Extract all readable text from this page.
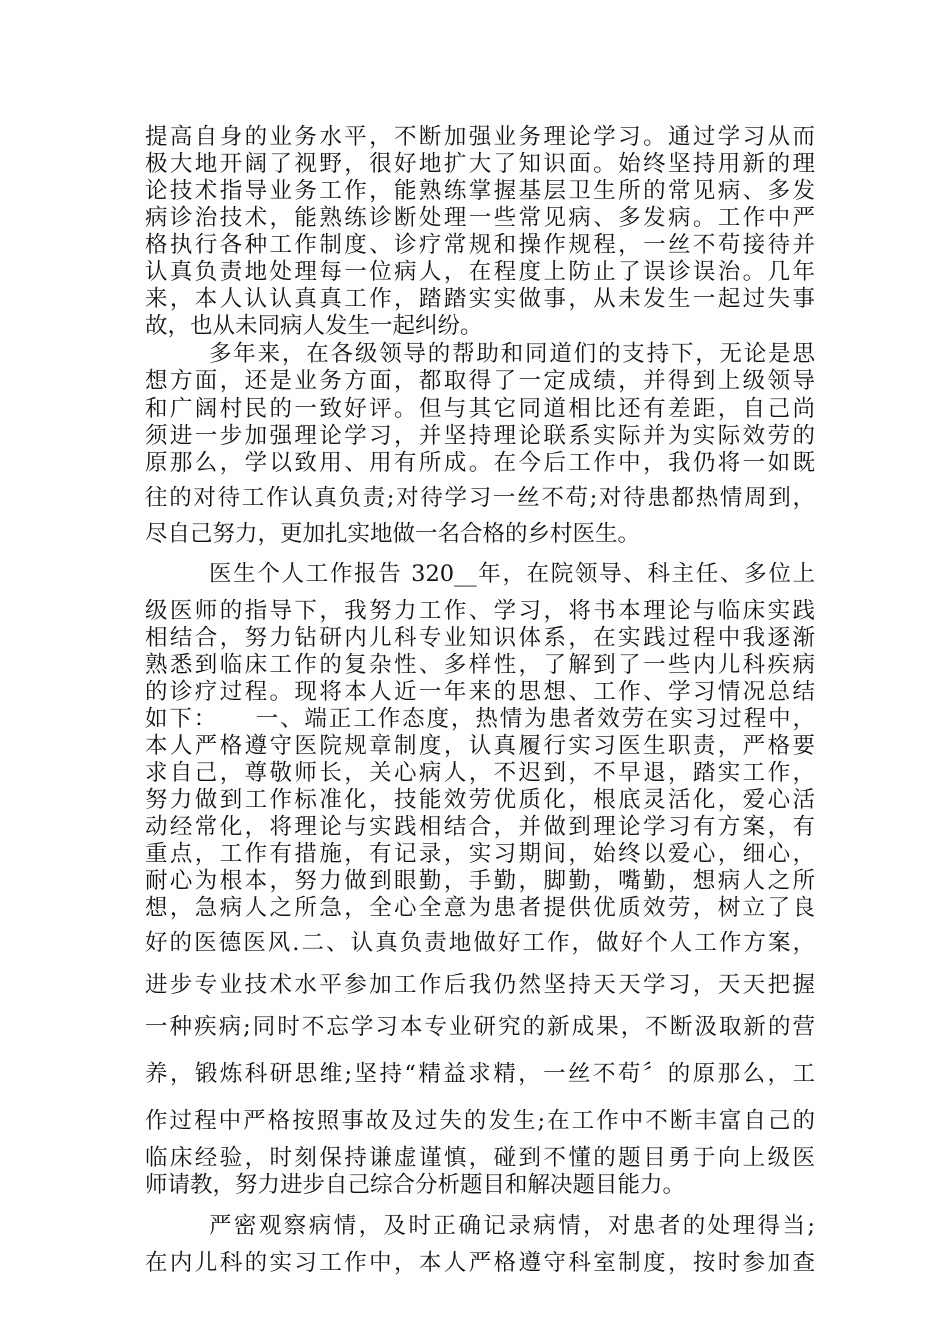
提高自身的业务水平，不断加强业务理论学习。通过学习从而
极大地开阔了视野，很好地扩大了知识面。始终坚持用新的理
论技术指导业务工作，能熟练掌握基层卫生所的常见病、多发
病诊治技术，能熟练诊断处理一些常见病、多发病。工作中严
格执行各种工作制度、诊疗常规和操作规程，一丝不苟接待并
认真负责地处理每一位病人，在程度上防止了误诊误治。几年
来，本人认认真真工作，踏踏实实做事，从未发生一起过失事
故，也从未同病人发生一起纠纷。
多年来，在各级领导的帮助和同道们的支持下，无论是思
想方面，还是业务方面，都取得了一定成绩，并得到上级领导
和广阔村民的一致好评。但与其它同道相比还有差距，自己尚
须进一步加强理论学习，并坚持理论联系实际并为实际效劳的
原那么，学以致用、用有所成。在今后工作中，我仍将一如既
往的对待工作认真负责;对待学习一丝不苟;对待患都热情周到，
尽自己努力，更加扎实地做一名合格的乡村医生。
医生个人工作报告 320__年，在院领导、科主任、多位上
级医师的指导下，我努力工作、学习，将书本理论与临床实践
相结合，努力钻研内儿科专业知识体系，在实践过程中我逐渐
熟悉到临床工作的复杂性、多样性，了解到了一些内儿科疾病
的诊疗过程。现将本人近一年来的思想、工作、学习情况总结
如下：　　一、端正工作态度，热情为患者效劳在实习过程中，
本人严格遵守医院规章制度，认真履行实习医生职责，严格要
求自己，尊敬师长，关心病人，不迟到，不早退，踏实工作，
努力做到工作标准化，技能效劳优质化，根底灵活化，爱心活
动经常化，将理论与实践相结合，并做到理论学习有方案，有
重点，工作有措施，有记录，实习期间，始终以爱心，细心，
耐心为根本，努力做到眼勤，手勤，脚勤，嘴勤，想病人之所
想，急病人之所急，全心全意为患者提供优质效劳，树立了良
好的医德医风.二、认真负责地做好工作，做好个人工作方案，
进步专业技术水平参加工作后我仍然坚持天天学习，天天把握
一种疾病;同时不忘学习本专业研究的新成果，不断汲取新的营
养，锻炼科研思维;坚持“精益求精，一丝不苟〞的原那么，工
作过程中严格按照事故及过失的发生;在工作中不断丰富自己的
临床经验，时刻保持谦虚谨慎，碰到不懂的题目勇于向上级医
师请教，努力进步自己综合分析题目和解决题目能力。
严密观察病情，及时正确记录病情，对患者的处理得当;
在内儿科的实习工作中，本人严格遵守科室制度，按时参加查
